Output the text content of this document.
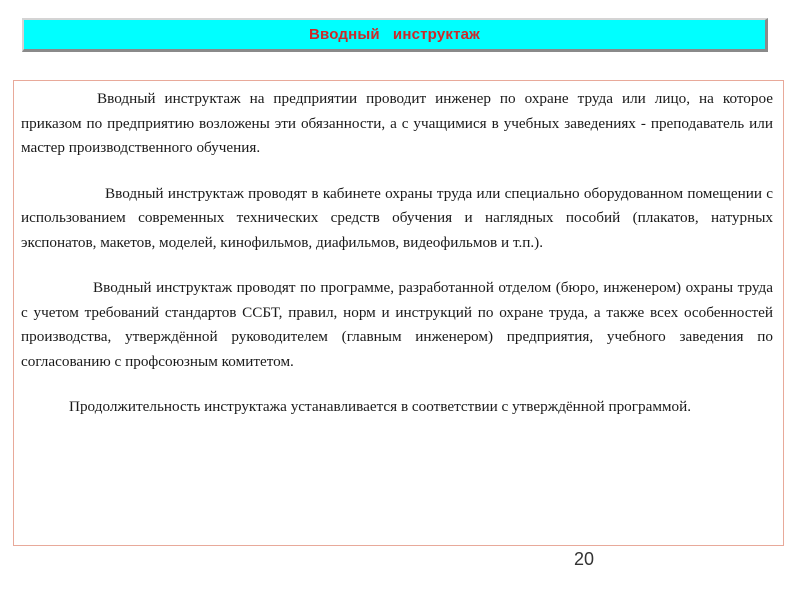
Вводный   инструктаж

Вводный инструктаж на предприятии проводит инженер по охране труда или лицо, на которое приказом по предприятию возложены эти обязанности, а с учащимися в учебных заведениях - преподаватель или мастер производственного обучения.

Вводный инструктаж проводят в кабинете охраны труда или специально оборудованном помещении с использованием современных технических средств обучения и наглядных пособий (плакатов, натурных экспонатов, макетов, моделей, кинофильмов, диафильмов, видеофильмов и т.п.).

Вводный инструктаж проводят по программе, разработанной отделом (бюро, инженером) охраны труда с учетом требований стандартов ССБТ, правил, норм и инструкций по охране труда, а также всех особенностей производства, утверждённой руководителем (главным инженером) предприятия, учебного заведения по согласованию с профсоюзным комитетом.

Продолжительность инструктажа устанавливается в соответствии с утверждённой программой.

20
